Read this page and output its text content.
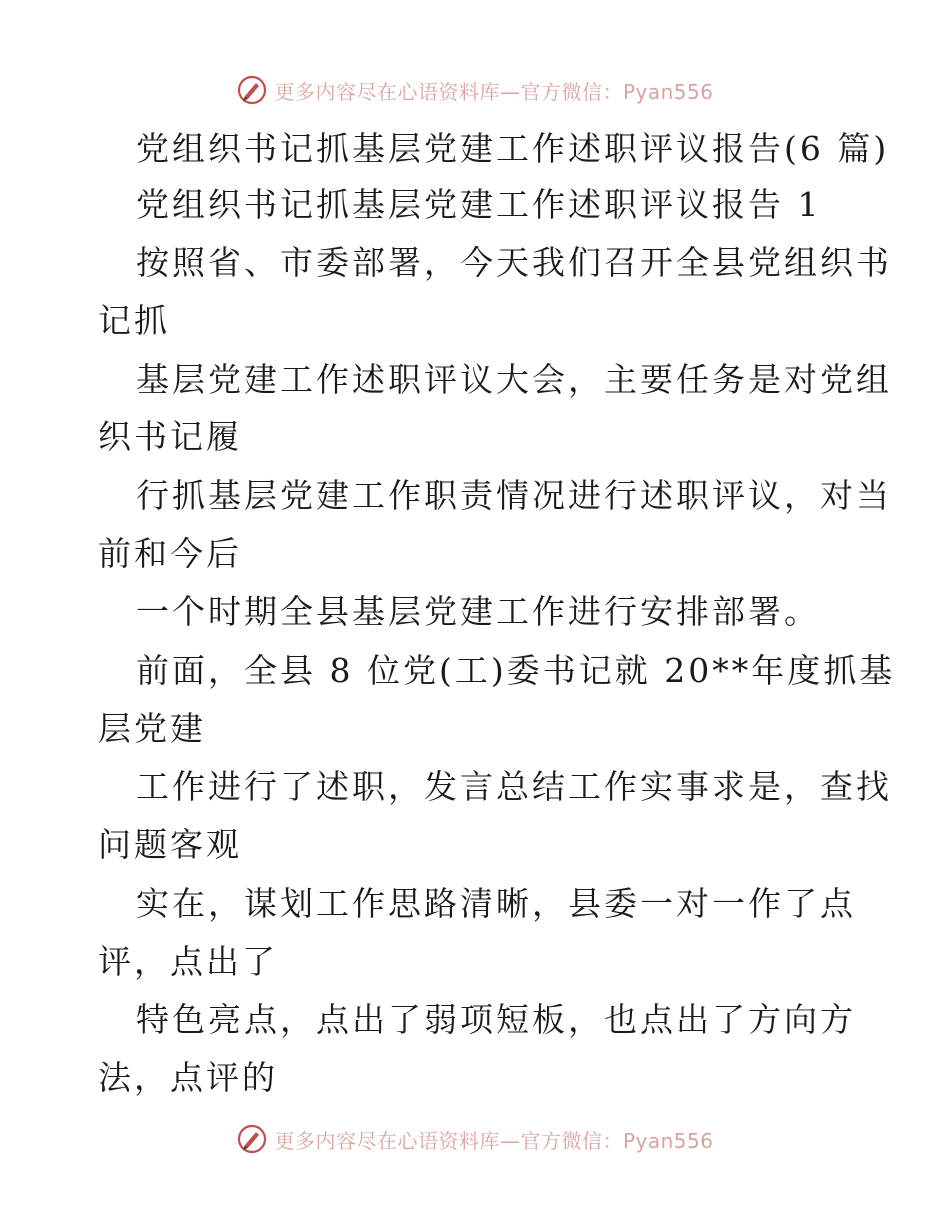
更多内容尽在心语资料库—官方微信：Pyan556
党组织书记抓基层党建工作述职评议报告(6 篇)
党组织书记抓基层党建工作述职评议报告 1
按照省、市委部署，今天我们召开全县党组织书
记抓
基层党建工作述职评议大会，主要任务是对党组
织书记履
行抓基层党建工作职责情况进行述职评议，对当
前和今后
一个时期全县基层党建工作进行安排部署。
前面，全县 8 位党(工)委书记就 20**年度抓基
层党建
工作进行了述职，发言总结工作实事求是，查找
问题客观
实在，谋划工作思路清晰，县委一对一作了点
评，点出了
特色亮点，点出了弱项短板，也点出了方向方
法，点评的
更多内容尽在心语资料库—官方微信：Pyan556
